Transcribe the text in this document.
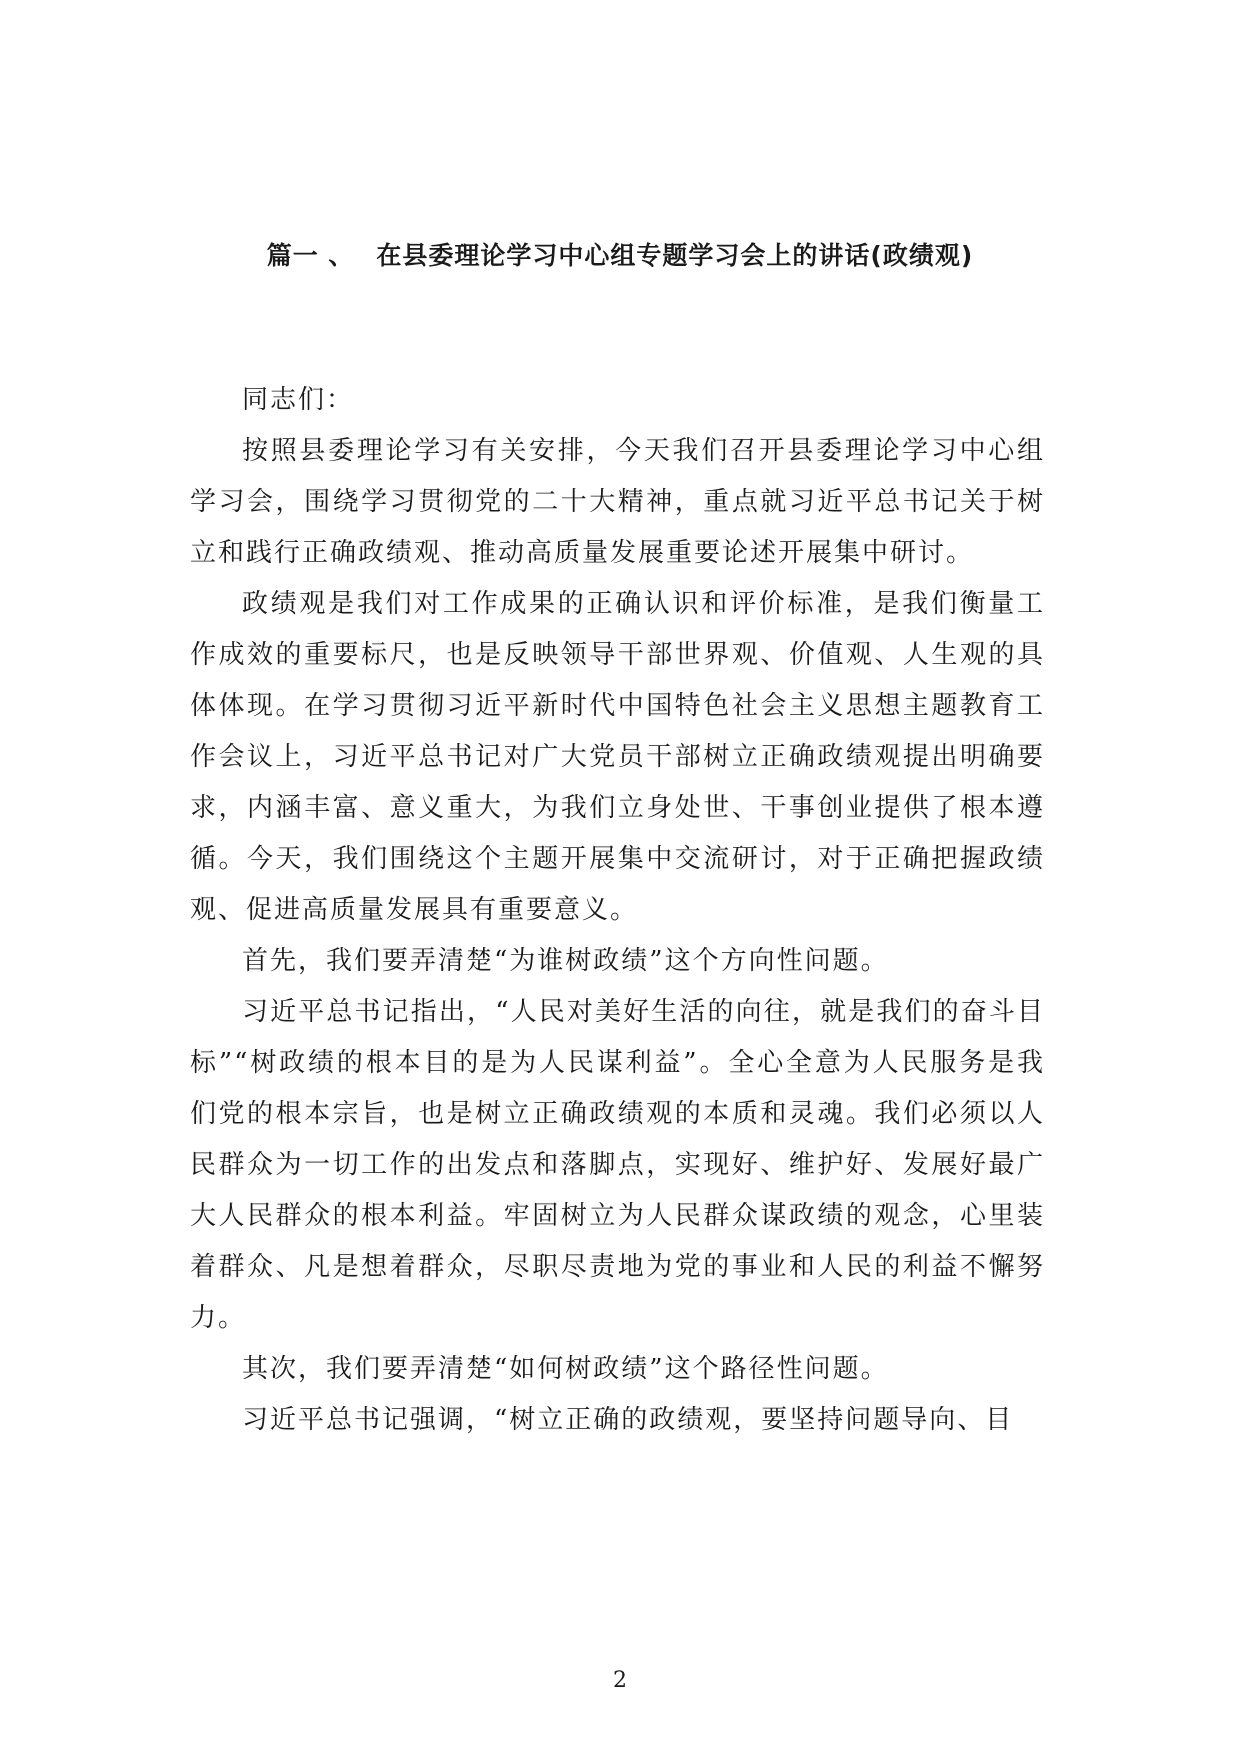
篇一 、 在县委理论学习中心组专题学习会上的讲话(政绩观)

同志们：

按照县委理论学习有关安排，今天我们召开县委理论学习中心组学习会，围绕学习贯彻党的二十大精神，重点就习近平总书记关于树立和践行正确政绩观、推动高质量发展重要论述开展集中研讨。

政绩观是我们对工作成果的正确认识和评价标准，是我们衡量工作成效的重要标尺，也是反映领导干部世界观、价值观、人生观的具体体现。在学习贯彻习近平新时代中国特色社会主义思想主题教育工作会议上，习近平总书记对广大党员干部树立正确政绩观提出明确要求，内涵丰富、意义重大，为我们立身处世、干事创业提供了根本遵循。今天，我们围绕这个主题开展集中交流研讨，对于正确把握政绩观、促进高质量发展具有重要意义。

首先，我们要弄清楚“为谁树政绩”这个方向性问题。

习近平总书记指出，“人民对美好生活的向往，就是我们的奋斗目标”“树政绩的根本目的是为人民谋利益”。全心全意为人民服务是我们党的根本宗旨，也是树立正确政绩观的本质和灵魂。我们必须以人民群众为一切工作的出发点和落脚点，实现好、维护好、发展好最广大人民群众的根本利益。牢固树立为人民群众谋政绩的观念，心里装着群众、凡是想着群众，尽职尽责地为党的事业和人民的利益不懈努力。

其次，我们要弄清楚“如何树政绩”这个路径性问题。

习近平总书记强调，“树立正确的政绩观，要坚持问题导向、目

2
